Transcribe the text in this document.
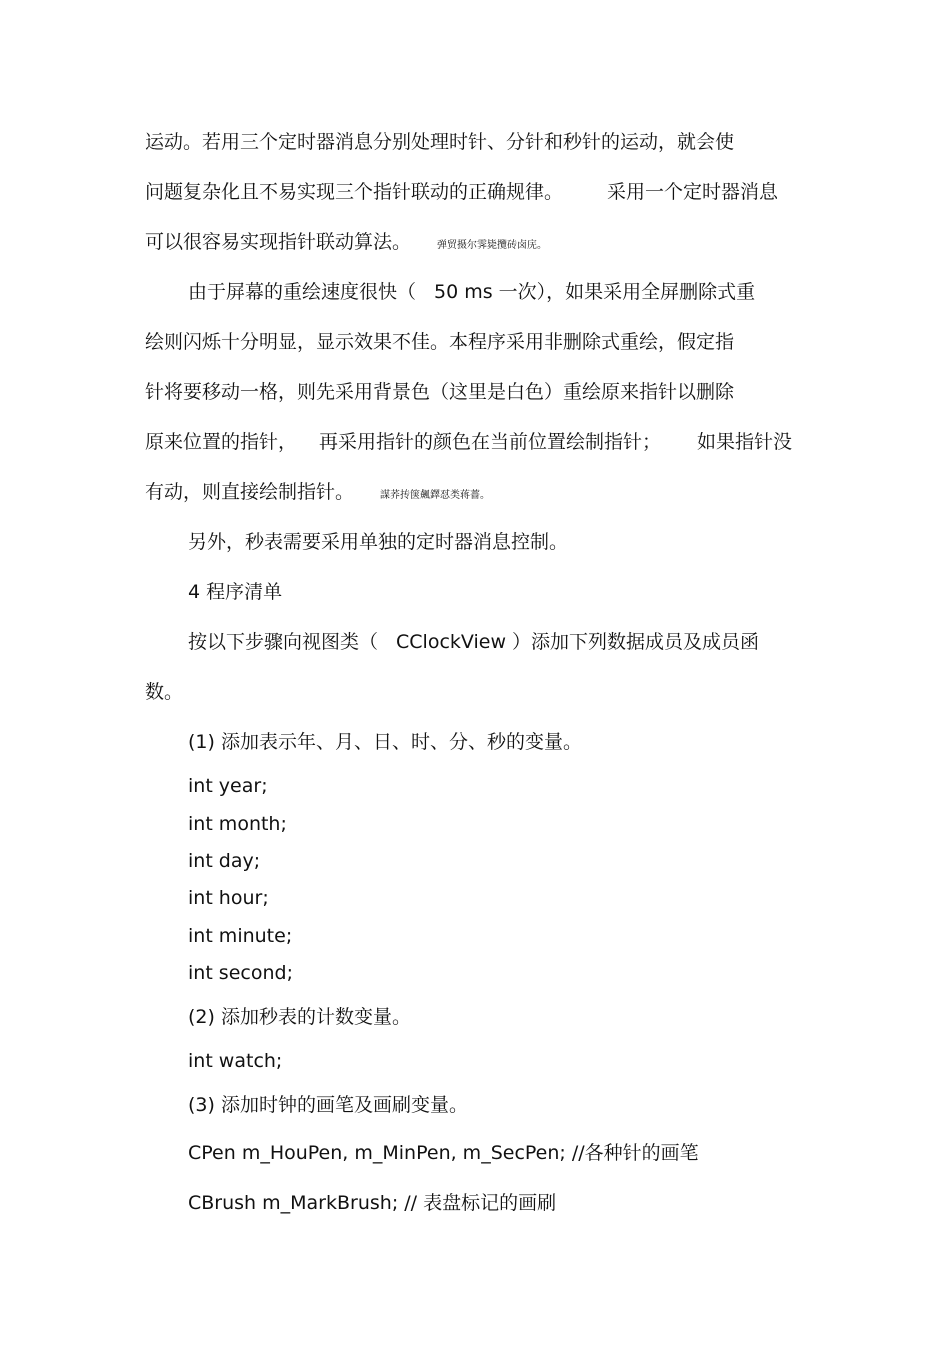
运动。若用三个定时器消息分别处理时针、分针和秒针的运动，就会使
问题复杂化且不易实现三个指针联动的正确规律。 采用一个定时器消息
可以很容易实现指针联动算法。	弹贸摄尔霁毙攬砖卤庑。
由于屏幕的重绘速度很快（ 50 ms 一次），如果采用全屏删除式重
绘则闪烁十分明显，显示效果不佳。本程序采用非删除式重绘，假定指
针将要移动一格，则先采用背景色（这里是白色）重绘原来指针以删除
原来位置的指针， 再采用指针的颜色在当前位置绘制指针； 如果指针没
有动，则直接绘制指针。	謀荞抟箧飆鐸怼类蒋薔。
另外，秒表需要采用单独的定时器消息控制。
4 程序清单
按以下步骤向视图类（ CClockView ）添加下列数据成员及成员函
数。
(1) 添加表示年、月、日、时、分、秒的变量。
int year;
int month;
int day;
int hour;
int minute;
int second;
(2) 添加秒表的计数变量。
int watch;
(3) 添加时钟的画笔及画刷变量。
CPen m_HouPen, m_MinPen, m_SecPen; //各种针的画笔
CBrush m_MarkBrush; // 表盘标记的画刷
